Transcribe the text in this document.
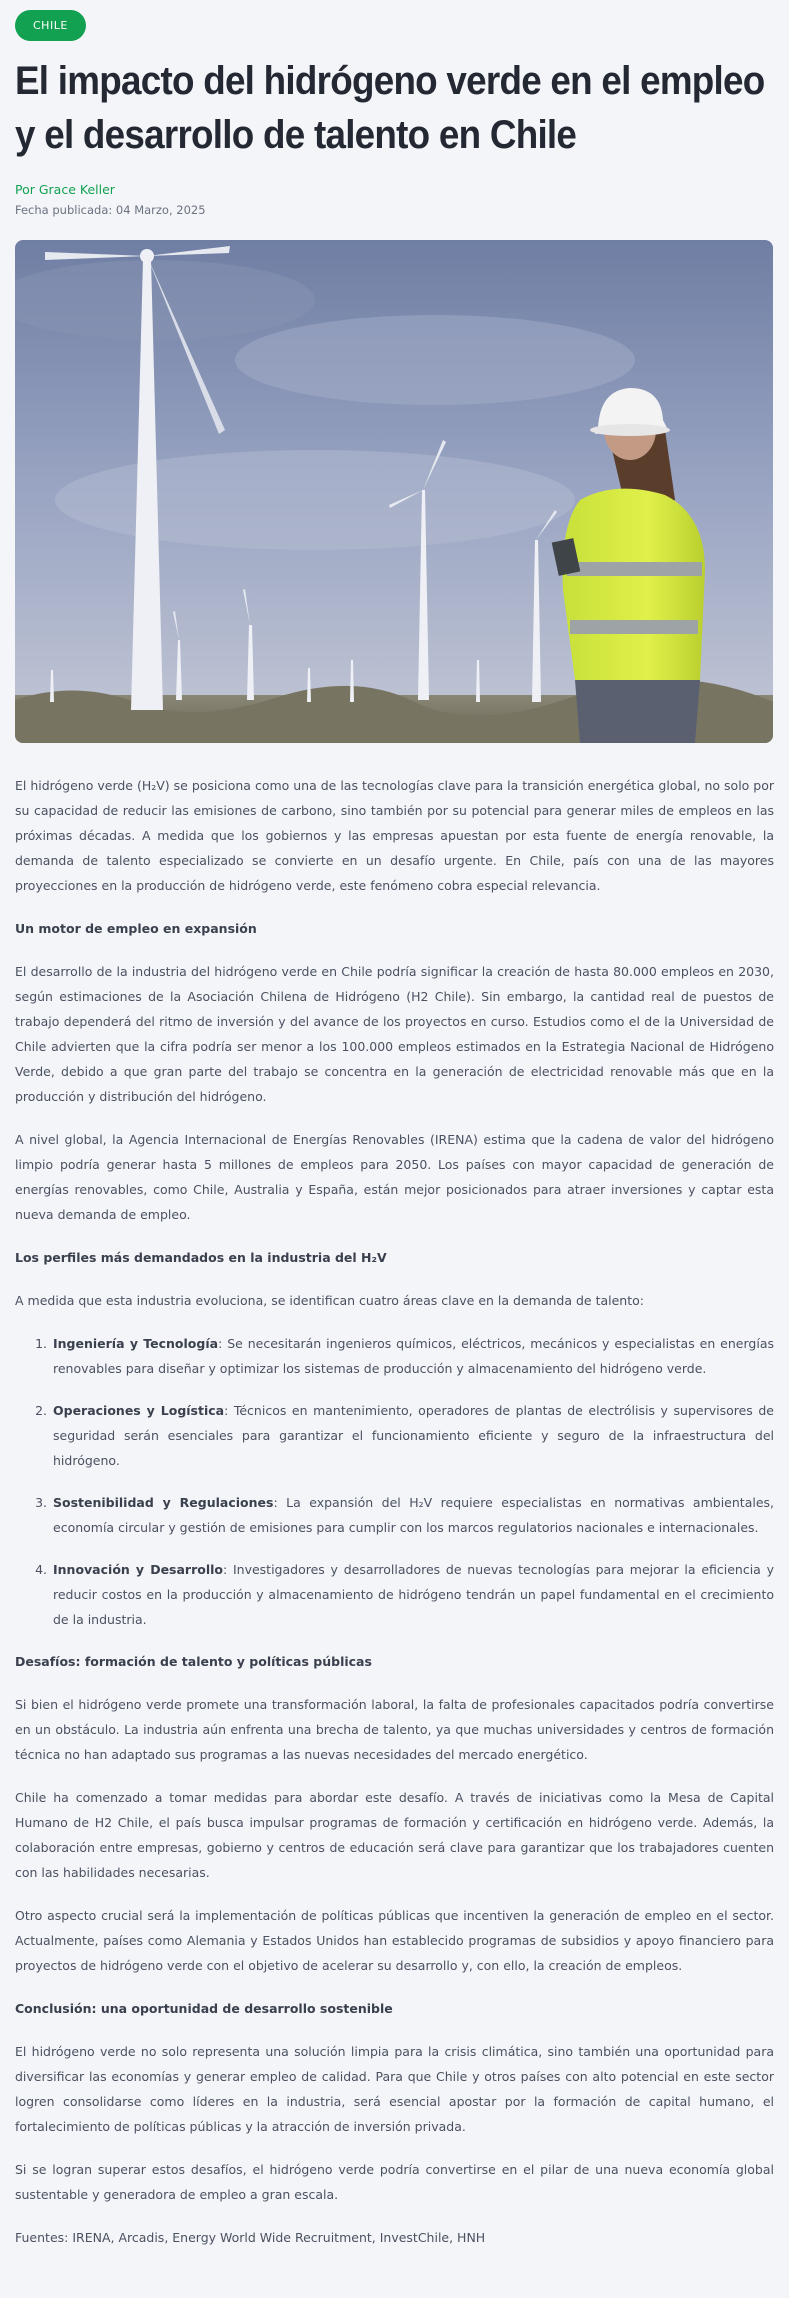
CHILE
El impacto del hidrógeno verde en el empleo y el desarrollo de talento en Chile
Por Grace Keller
Fecha publicada: 04 Marzo, 2025

El hidrógeno verde (H₂V) se posiciona como una de las tecnologías clave para la transición energética global, no solo por su capacidad de reducir las emisiones de carbono, sino también por su potencial para generar miles de empleos en las próximas décadas. A medida que los gobiernos y las empresas apuestan por esta fuente de energía renovable, la demanda de talento especializado se convierte en un desafío urgente. En Chile, país con una de las mayores proyecciones en la producción de hidrógeno verde, este fenómeno cobra especial relevancia.

Un motor de empleo en expansión

El desarrollo de la industria del hidrógeno verde en Chile podría significar la creación de hasta 80.000 empleos en 2030, según estimaciones de la Asociación Chilena de Hidrógeno (H2 Chile). Sin embargo, la cantidad real de puestos de trabajo dependerá del ritmo de inversión y del avance de los proyectos en curso. Estudios como el de la Universidad de Chile advierten que la cifra podría ser menor a los 100.000 empleos estimados en la Estrategia Nacional de Hidrógeno Verde, debido a que gran parte del trabajo se concentra en la generación de electricidad renovable más que en la producción y distribución del hidrógeno.

A nivel global, la Agencia Internacional de Energías Renovables (IRENA) estima que la cadena de valor del hidrógeno limpio podría generar hasta 5 millones de empleos para 2050. Los países con mayor capacidad de generación de energías renovables, como Chile, Australia y España, están mejor posicionados para atraer inversiones y captar esta nueva demanda de empleo.

Los perfiles más demandados en la industria del H₂V

A medida que esta industria evoluciona, se identifican cuatro áreas clave en la demanda de talento:

1. Ingeniería y Tecnología: Se necesitarán ingenieros químicos, eléctricos, mecánicos y especialistas en energías renovables para diseñar y optimizar los sistemas de producción y almacenamiento del hidrógeno verde.
2. Operaciones y Logística: Técnicos en mantenimiento, operadores de plantas de electrólisis y supervisores de seguridad serán esenciales para garantizar el funcionamiento eficiente y seguro de la infraestructura del hidrógeno.
3. Sostenibilidad y Regulaciones: La expansión del H₂V requiere especialistas en normativas ambientales, economía circular y gestión de emisiones para cumplir con los marcos regulatorios nacionales e internacionales.
4. Innovación y Desarrollo: Investigadores y desarrolladores de nuevas tecnologías para mejorar la eficiencia y reducir costos en la producción y almacenamiento de hidrógeno tendrán un papel fundamental en el crecimiento de la industria.
Desafíos: formación de talento y políticas públicas

Si bien el hidrógeno verde promete una transformación laboral, la falta de profesionales capacitados podría convertirse en un obstáculo. La industria aún enfrenta una brecha de talento, ya que muchas universidades y centros de formación técnica no han adaptado sus programas a las nuevas necesidades del mercado energético.

Chile ha comenzado a tomar medidas para abordar este desafío. A través de iniciativas como la Mesa de Capital Humano de H2 Chile, el país busca impulsar programas de formación y certificación en hidrógeno verde. Además, la colaboración entre empresas, gobierno y centros de educación será clave para garantizar que los trabajadores cuenten con las habilidades necesarias.

Otro aspecto crucial será la implementación de políticas públicas que incentiven la generación de empleo en el sector. Actualmente, países como Alemania y Estados Unidos han establecido programas de subsidios y apoyo financiero para proyectos de hidrógeno verde con el objetivo de acelerar su desarrollo y, con ello, la creación de empleos.

Conclusión: una oportunidad de desarrollo sostenible

El hidrógeno verde no solo representa una solución limpia para la crisis climática, sino también una oportunidad para diversificar las economías y generar empleo de calidad. Para que Chile y otros países con alto potencial en este sector logren consolidarse como líderes en la industria, será esencial apostar por la formación de capital humano, el fortalecimiento de políticas públicas y la atracción de inversión privada.

Si se logran superar estos desafíos, el hidrógeno verde podría convertirse en el pilar de una nueva economía global sustentable y generadora de empleo a gran escala.

Fuentes: IRENA, Arcadis, Energy World Wide Recruitment, InvestChile, HNH
